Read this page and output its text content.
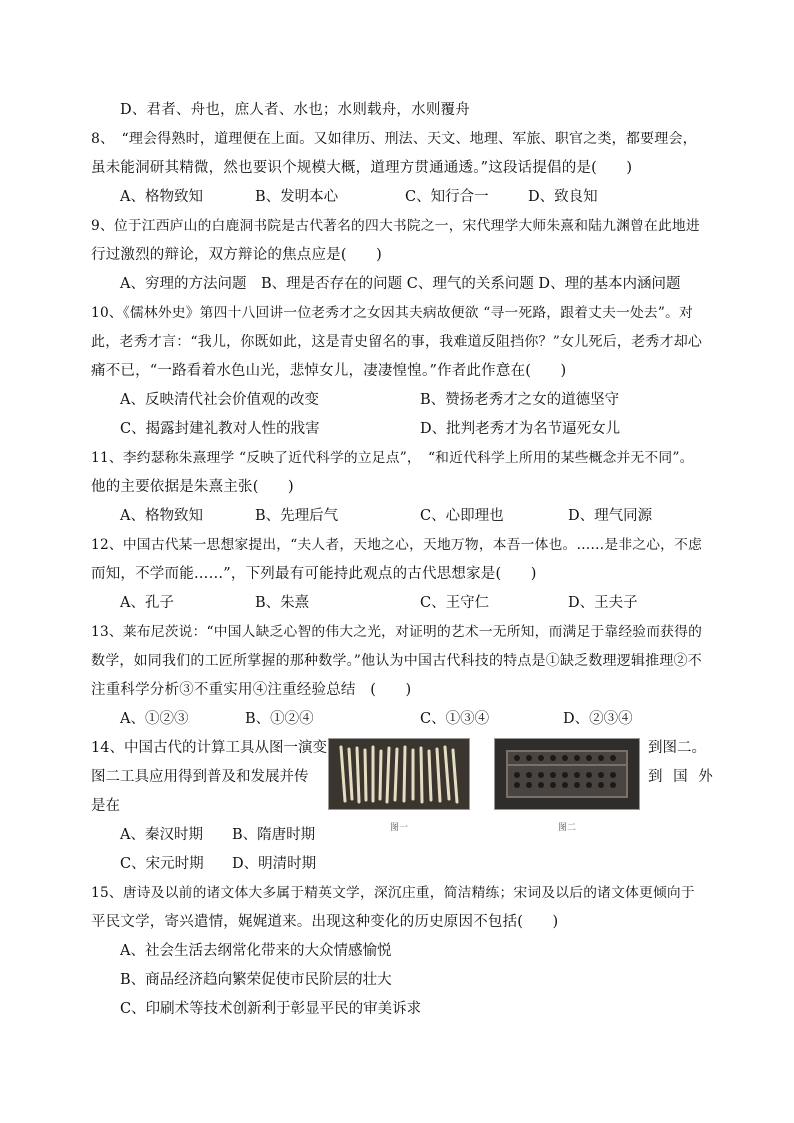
D、君者、舟也，庶人者、水也；水则载舟，水则覆舟
8、　“理会得熟时，道理便在上面。又如律历、刑法、天文、地理、军旅、职官之类，都要理会，
虽未能洞研其精微，然也要识个规模大概，道理方贯通通透。”这段话提倡的是(　　)
A、格物致知	B、发明本心	C、知行合一	D、致良知
9、位于江西庐山的白鹿洞书院是古代著名的四大书院之一，宋代理学大师朱熹和陆九渊曾在此地进
行过激烈的辩论，双方辩论的焦点应是(　　)
A、穷理的方法问题　B、理是否存在的问题 C、理气的关系问题 D、理的基本内涵问题
10、《儒林外史》第四十八回讲一位老秀才之女因其夫病故便欲 “寻一死路，跟着丈夫一处去”。对
此，老秀才言：“我儿，你既如此，这是青史留名的事，我难道反阻挡你？”女儿死后，老秀才却心
痛不已，“一路看着水色山光，悲悼女儿，凄凄惶惶。”作者此作意在(　　)
A、反映清代社会价值观的改变	B、赞扬老秀才之女的道德坚守
C、揭露封建礼教对人性的戕害	D、批判老秀才为名节逼死女儿
11、李约瑟称朱熹理学 “反映了近代科学的立足点”，　“和近代科学上所用的某些概念并无不同”。
他的主要依据是朱熹主张(　　)
A、格物致知	B、先理后气	C、心即理也	D、理气同源
12、中国古代某一思想家提出，“夫人者，天地之心，天地万物，本吾一体也。……是非之心，不虑
而知，不学而能……”，下列最有可能持此观点的古代思想家是(　　)
A、孔子	B、朱熹	C、王守仁	D、王夫子
13、莱布尼茨说：“中国人缺乏心智的伟大之光，对证明的艺术一无所知，而满足于靠经验而获得的
数学，如同我们的工匠所掌握的那种数学。”他认为中国古代科技的特点是①缺乏数理逻辑推理②不
注重科学分析③不重实用④注重经验总结　(　　)
A、①②③	B、①②④	C、①③④	D、②③④
14、中国古代的计算工具从图一演变	到图二。
图二工具应用得到普及和发展并传	到 国 外
是在
图一	图二
A、秦汉时期 B、隋唐时期
C、宋元时期 D、明清时期
15、唐诗及以前的诸文体大多属于精英文学，深沉庄重，简洁精练；宋词及以后的诸文体更倾向于
平民文学，寄兴遣情，娓娓道来。出现这种变化的历史原因不包括(　　)
A、社会生活去纲常化带来的大众情感愉悦
B、商品经济趋向繁荣促使市民阶层的壮大
C、印刷术等技术创新利于彰显平民的审美诉求
